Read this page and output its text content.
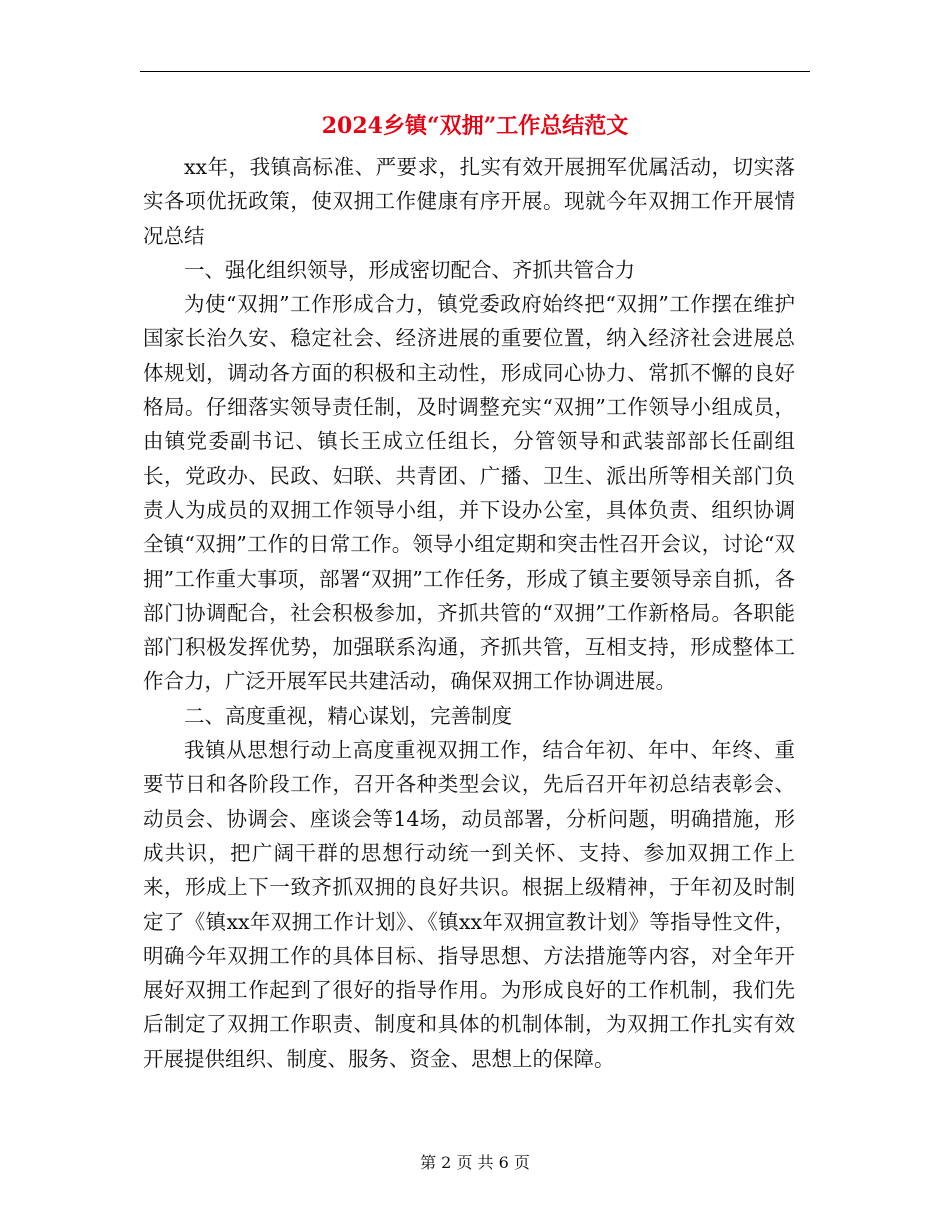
2024乡镇“双拥”工作总结范文

xx年，我镇高标准、严要求，扎实有效开展拥军优属活动，切实落实各项优抚政策，使双拥工作健康有序开展。现就今年双拥工作开展情况总结

一、强化组织领导，形成密切配合、齐抓共管合力

为使“双拥”工作形成合力，镇党委政府始终把“双拥”工作摆在维护国家长治久安、稳定社会、经济进展的重要位置，纳入经济社会进展总体规划，调动各方面的积极和主动性，形成同心协力、常抓不懈的良好格局。仔细落实领导责任制，及时调整充实“双拥”工作领导小组成员，由镇党委副书记、镇长王成立任组长，分管领导和武装部部长任副组长，党政办、民政、妇联、共青团、广播、卫生、派出所等相关部门负责人为成员的双拥工作领导小组，并下设办公室，具体负责、组织协调全镇“双拥”工作的日常工作。领导小组定期和突击性召开会议，讨论“双拥”工作重大事项，部署“双拥”工作任务，形成了镇主要领导亲自抓，各部门协调配合，社会积极参加，齐抓共管的“双拥”工作新格局。各职能部门积极发挥优势，加强联系沟通，齐抓共管，互相支持，形成整体工作合力，广泛开展军民共建活动，确保双拥工作协调进展。

二、高度重视，精心谋划，完善制度

我镇从思想行动上高度重视双拥工作，结合年初、年中、年终、重要节日和各阶段工作，召开各种类型会议，先后召开年初总结表彰会、动员会、协调会、座谈会等14场，动员部署，分析问题，明确措施，形成共识，把广阔干群的思想行动统一到关怀、支持、参加双拥工作上来，形成上下一致齐抓双拥的良好共识。根据上级精神，于年初及时制定了《镇xx年双拥工作计划》、《镇xx年双拥宣教计划》等指导性文件，明确今年双拥工作的具体目标、指导思想、方法措施等内容，对全年开展好双拥工作起到了很好的指导作用。为形成良好的工作机制，我们先后制定了双拥工作职责、制度和具体的机制体制，为双拥工作扎实有效开展提供组织、制度、服务、资金、思想上的保障。

第 2 页 共 6 页
